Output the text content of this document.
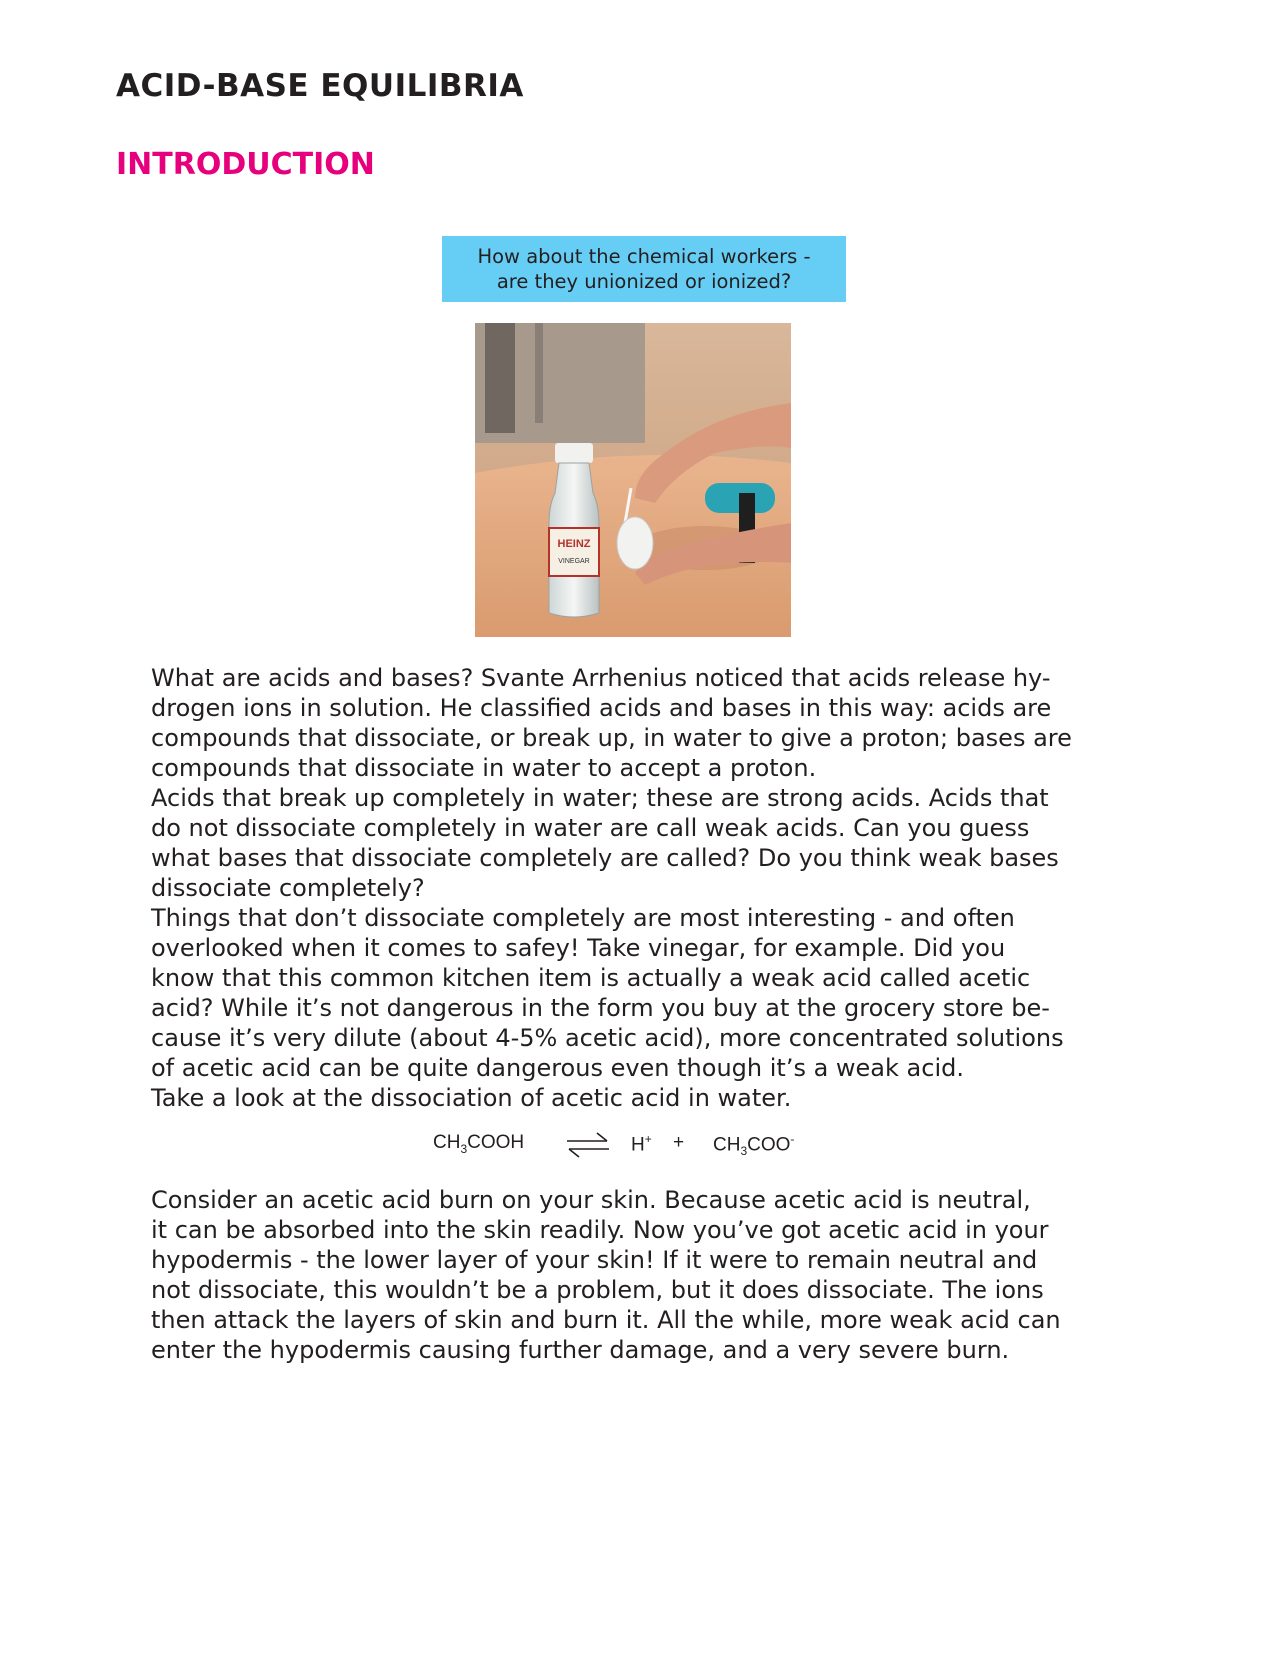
ACID-BASE EQUILIBRIA
INTRODUCTION
How about the chemical workers -
are they unionized or ionized?
HEINZ
VINEGAR
What are acids and bases? Svante Arrhenius noticed that acids release hy-
drogen ions in solution. He classified acids and bases in this way: acids are
compounds that dissociate, or break up, in water to give a proton; bases are
compounds that dissociate in water to accept a proton.
Acids that break up completely in water; these are strong acids. Acids that
do not dissociate completely in water are call weak acids. Can you guess
what bases that dissociate completely are called? Do you think weak bases
dissociate completely?
Things that don’t dissociate completely are most interesting - and often
overlooked when it comes to safey! Take vinegar, for example. Did you
know that this common kitchen item is actually a weak acid called acetic
acid? While it’s not dangerous in the form you buy at the grocery store be-
cause it’s very dilute (about 4-5% acetic acid), more concentrated solutions
of acetic acid can be quite dangerous even though it’s a weak acid.
Take a look at the dissociation of acetic acid in water.
$CH_3COOH$ ⇌ $H^+ + CH_3COO^-$
Consider an acetic acid burn on your skin. Because acetic acid is neutral,
it can be absorbed into the skin readily. Now you’ve got acetic acid in your
hypodermis - the lower layer of your skin! If it were to remain neutral and
not dissociate, this wouldn’t be a problem, but it does dissociate. The ions
then attack the layers of skin and burn it. All the while, more weak acid can
enter the hypodermis causing further damage, and a very severe burn.
